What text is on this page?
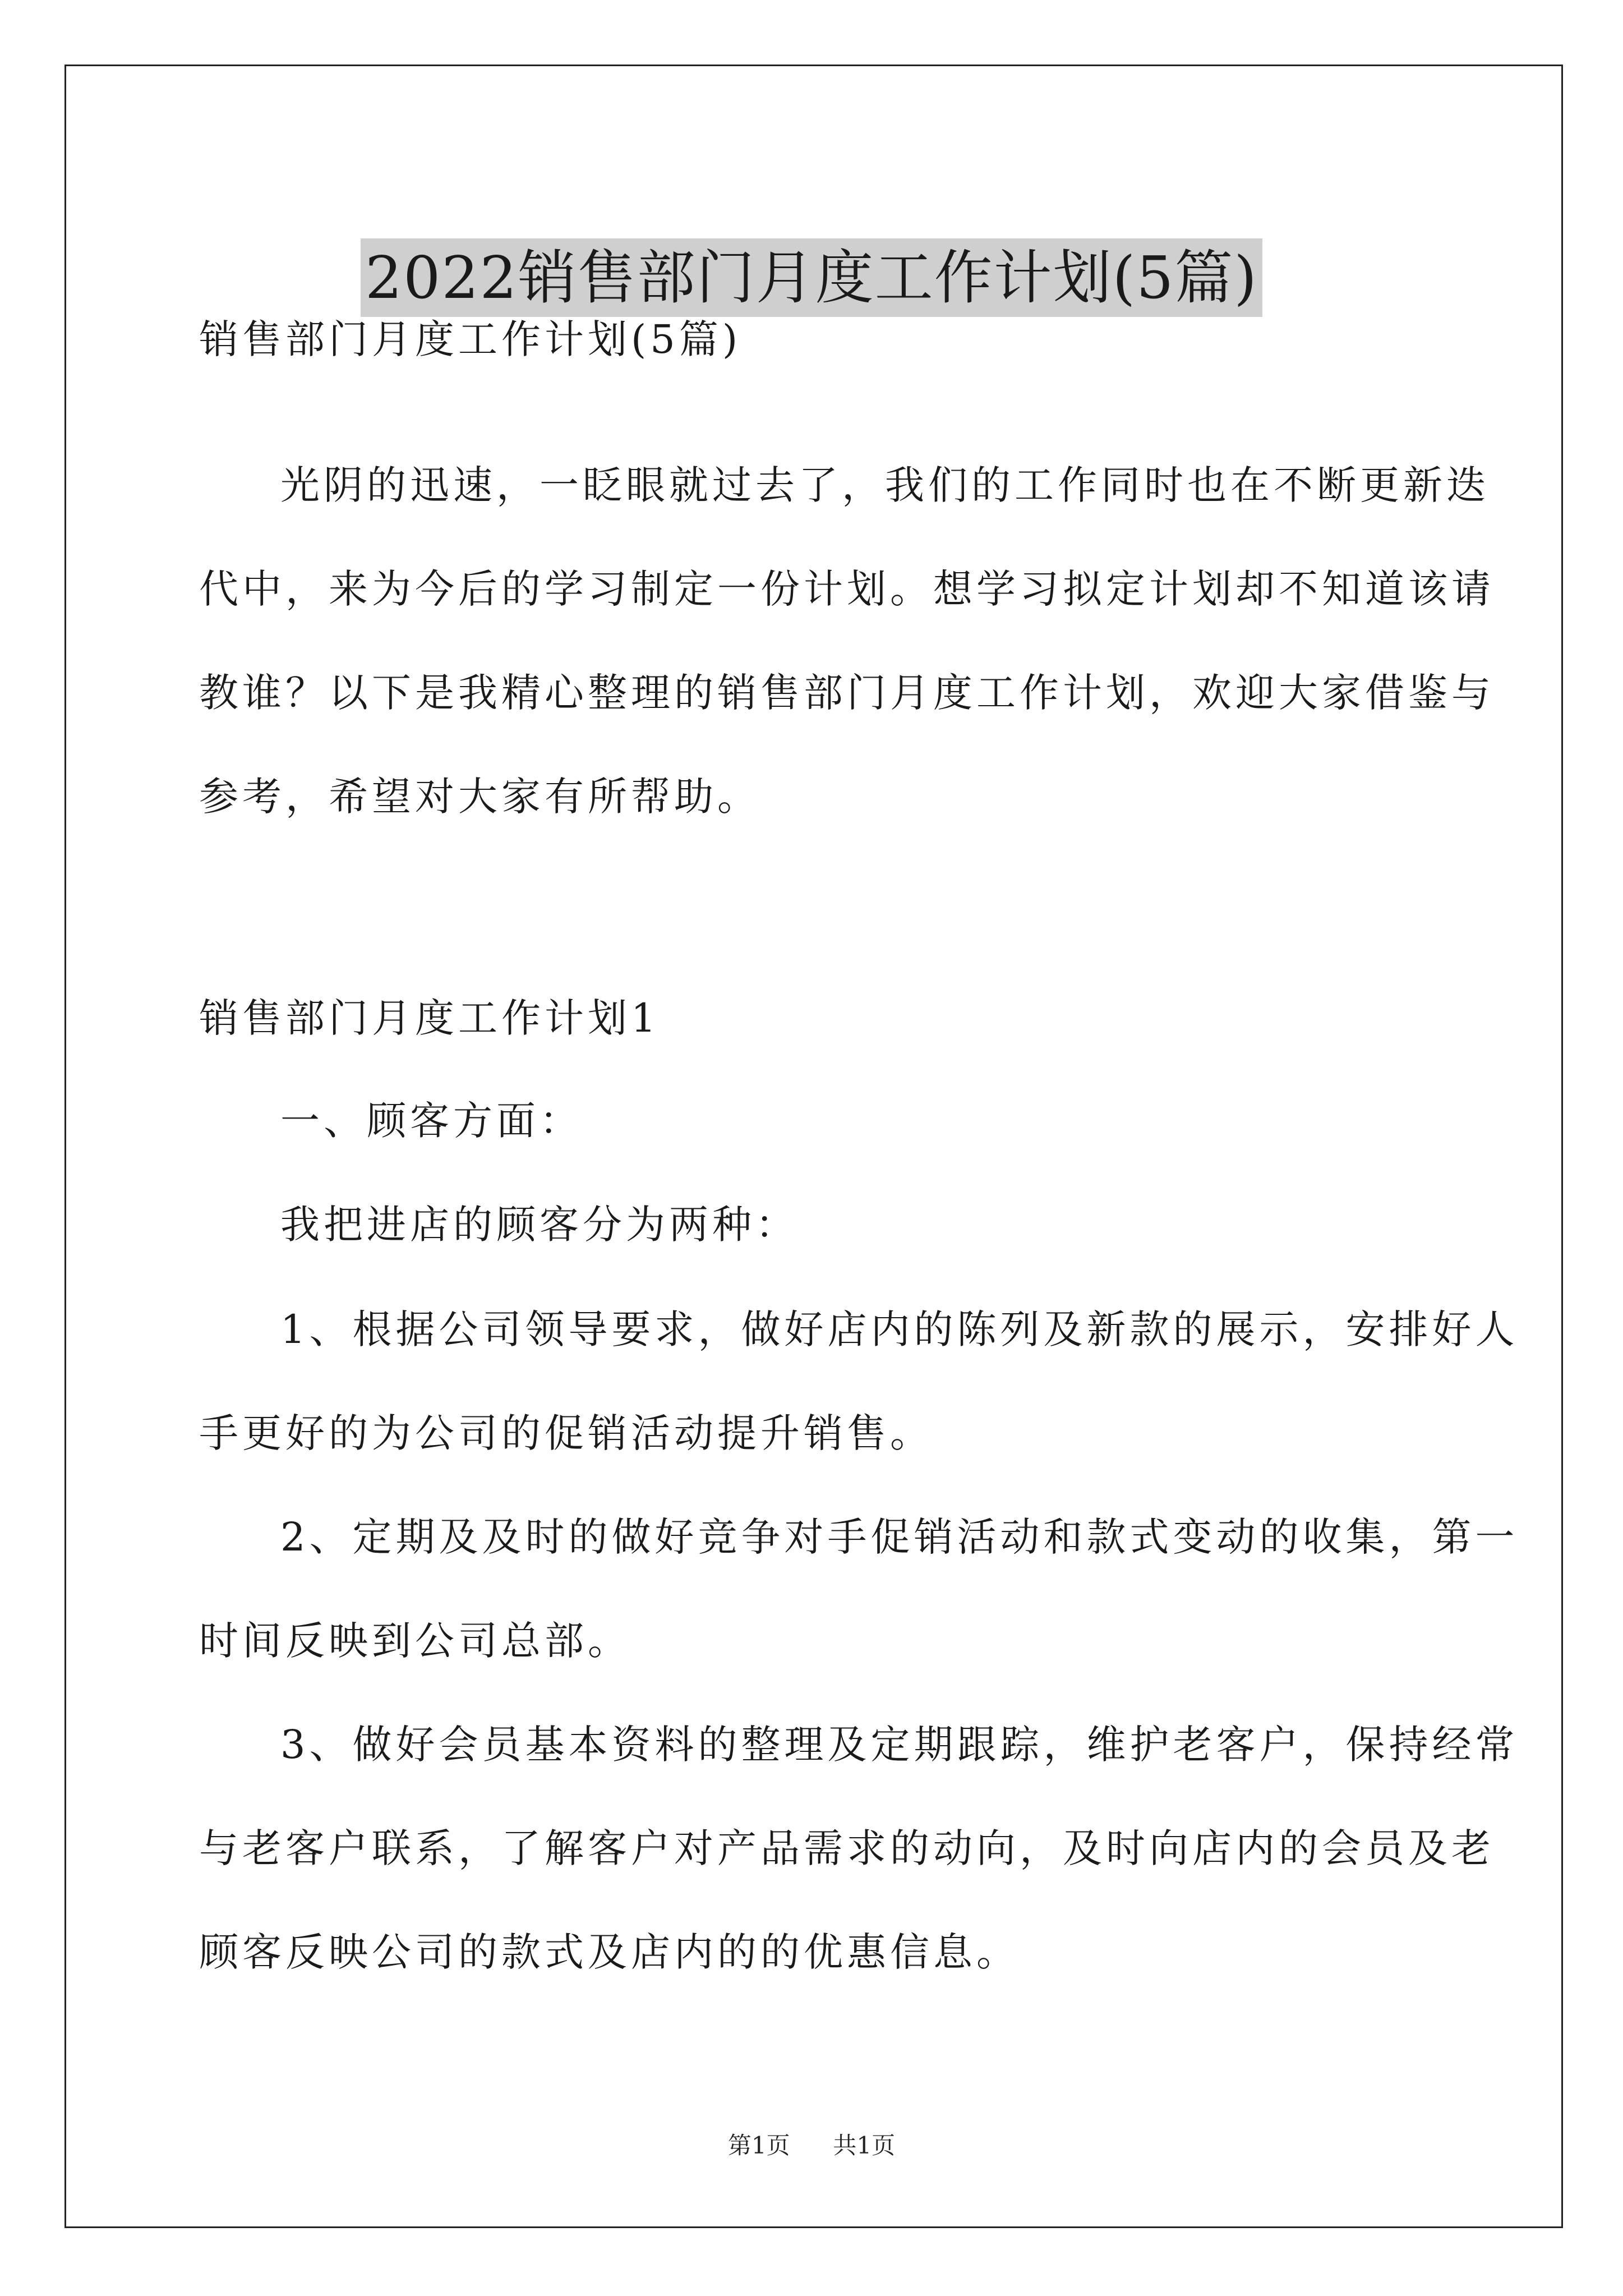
2022销售部门月度工作计划(5篇)
销售部门月度工作计划(5篇)
光阴的迅速，一眨眼就过去了，我们的工作同时也在不断更新迭
代中，来为今后的学习制定一份计划。想学习拟定计划却不知道该请
教谁？以下是我精心整理的销售部门月度工作计划，欢迎大家借鉴与
参考，希望对大家有所帮助。
销售部门月度工作计划1
一、顾客方面：
我把进店的顾客分为两种：
1、根据公司领导要求，做好店内的陈列及新款的展示，安排好人
手更好的为公司的促销活动提升销售。
2、定期及及时的做好竞争对手促销活动和款式变动的收集，第一
时间反映到公司总部。
3、做好会员基本资料的整理及定期跟踪，维护老客户，保持经常
与老客户联系，了解客户对产品需求的动向，及时向店内的会员及老
顾客反映公司的款式及店内的的优惠信息。
第1页 共1页
